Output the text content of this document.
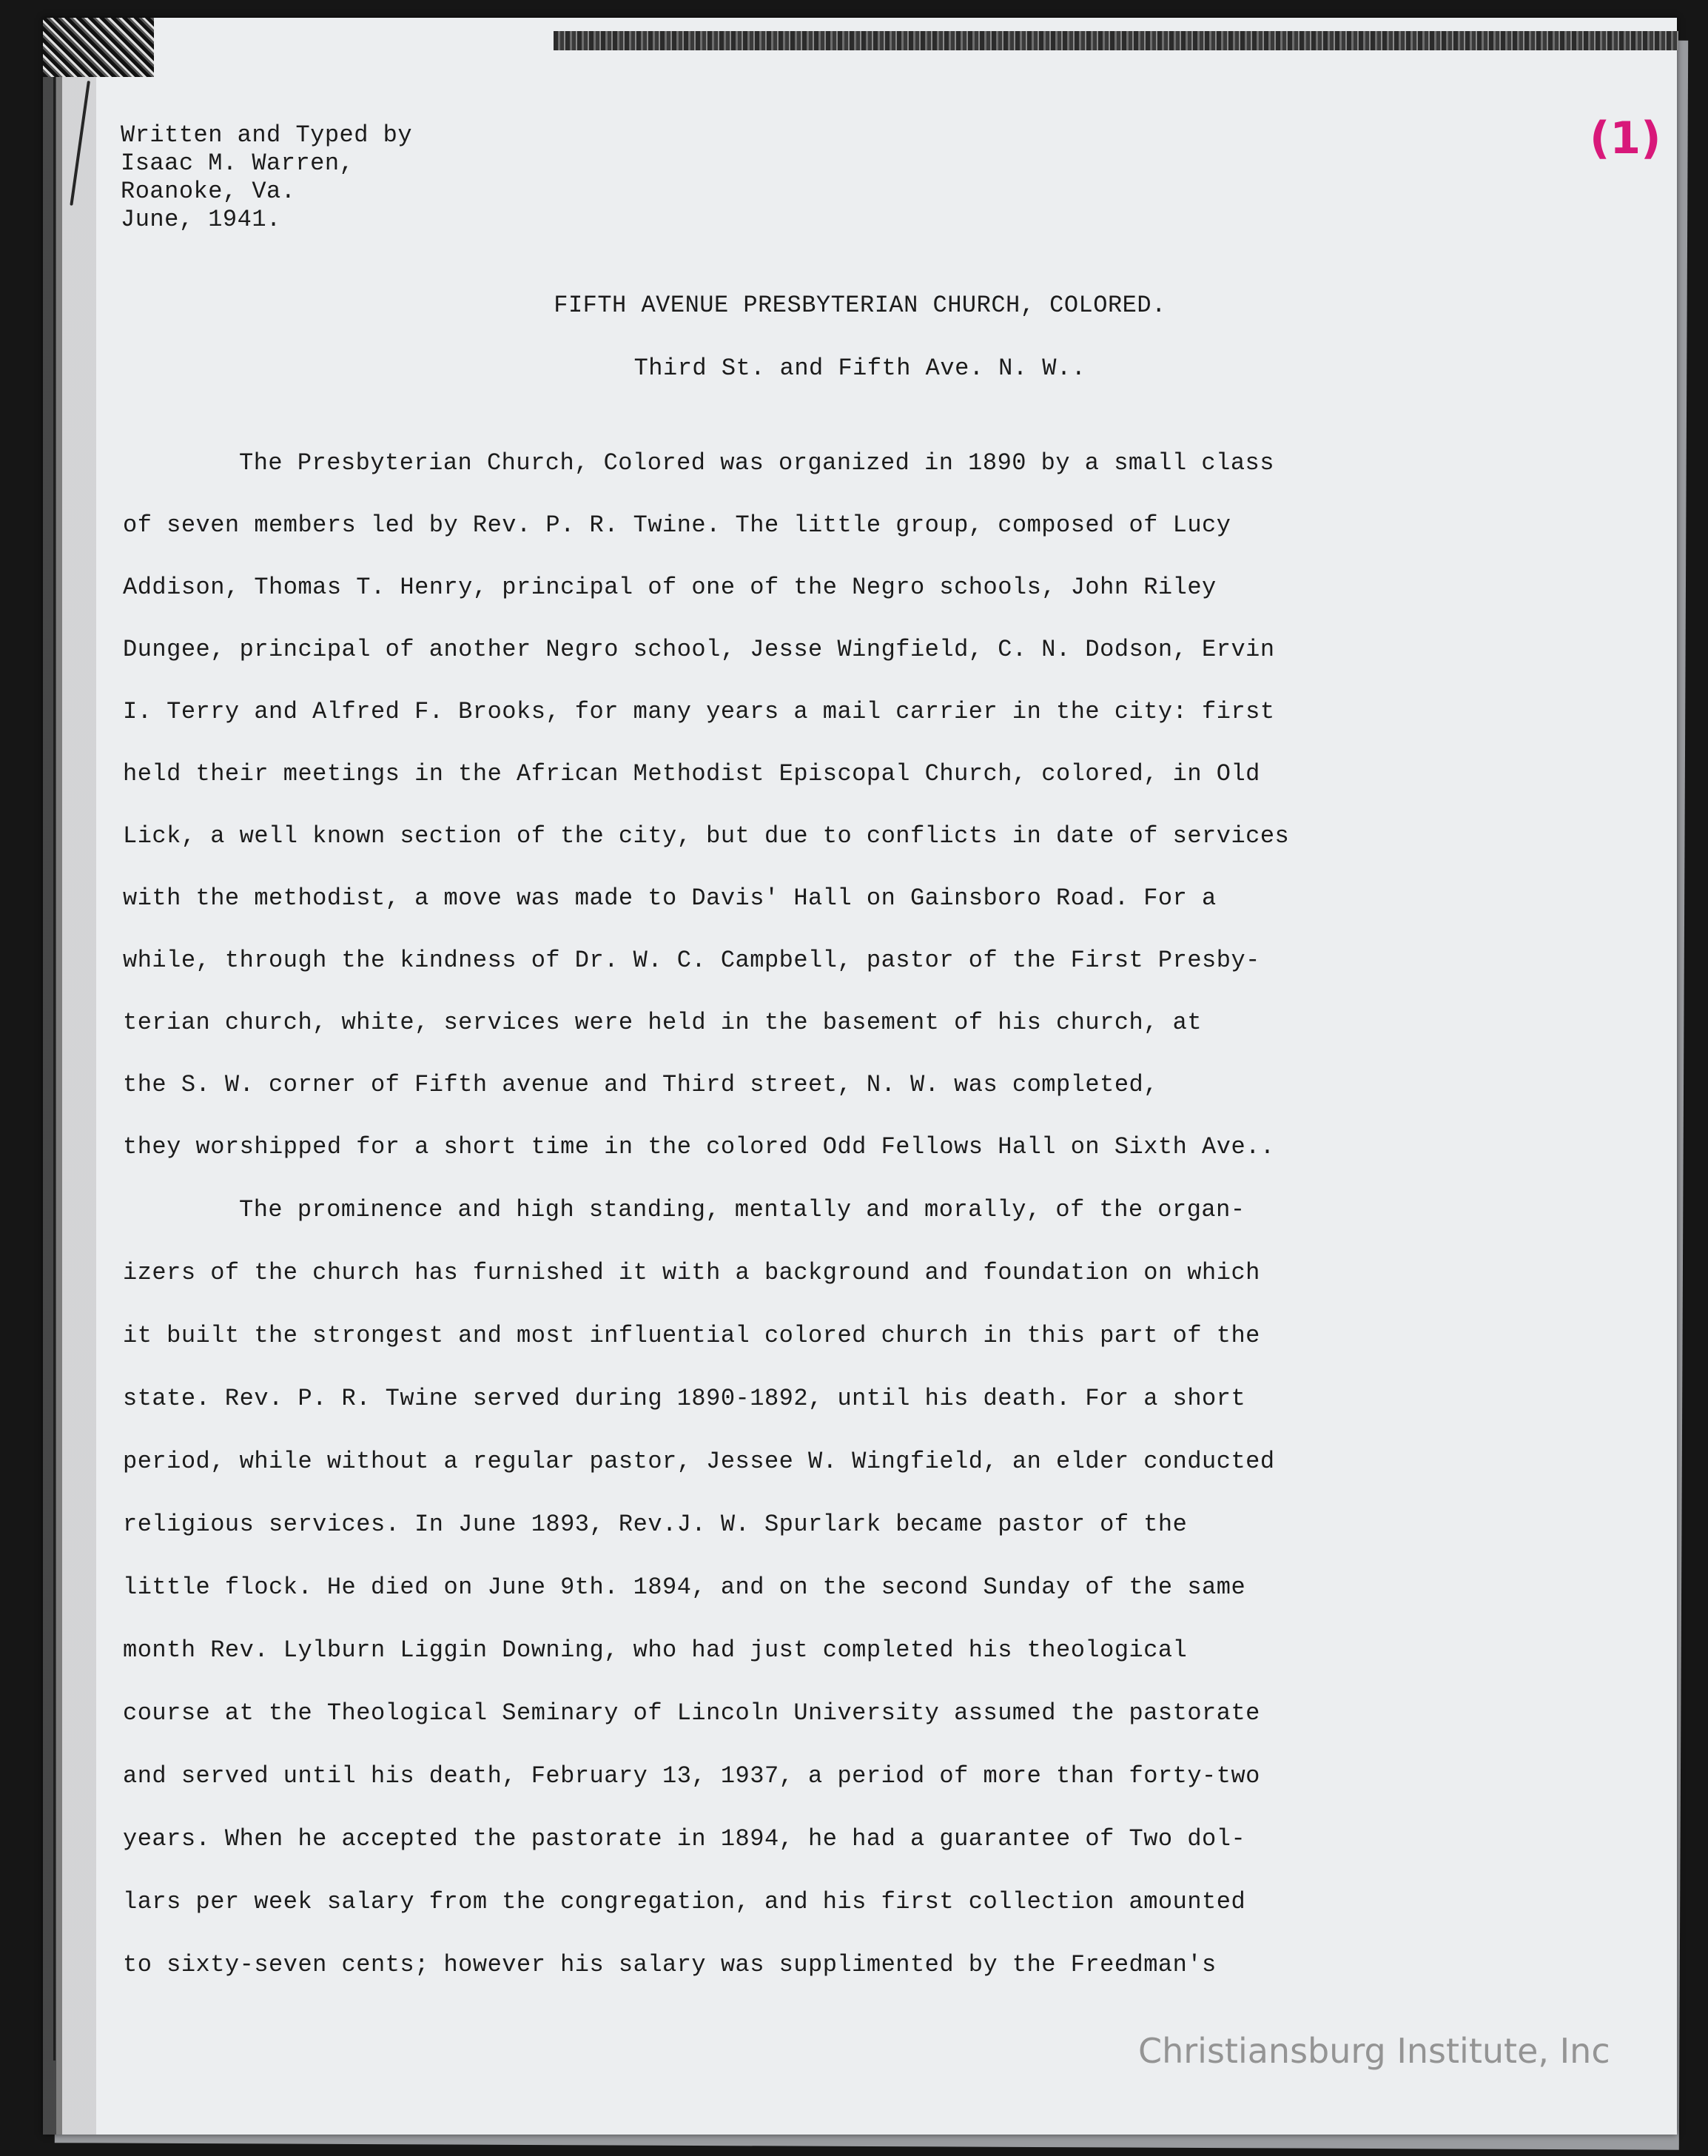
Written and Typed by
Isaac M. Warren,
Roanoke, Va.
June, 1941.
(1)
FIFTH AVENUE PRESBYTERIAN CHURCH, COLORED.
Third St. and Fifth Ave. N. W..
The Presbyterian Church, Colored was organized in 1890 by a small class
of seven members led by Rev. P. R. Twine. The little group, composed of Lucy
Addison, Thomas T. Henry, principal of one of the Negro schools, John Riley
Dungee, principal of another Negro school, Jesse Wingfield, C. N. Dodson, Ervin
I. Terry and Alfred F. Brooks, for many years a mail carrier in the city: first
held their meetings in the African Methodist Episcopal Church, colored, in Old
Lick, a well known section of the city, but due to conflicts in date of services
with the methodist, a move was made to Davis' Hall on Gainsboro Road. For a
while, through the kindness of Dr. W. C. Campbell, pastor of the First Presby-
terian church, white, services were held in the basement of his church, at
the S. W. corner of Fifth avenue and Third street, N. W. was completed,
they worshipped for a short time in the colored Odd Fellows Hall on Sixth Ave..
The prominence and high standing, mentally and morally, of the organ-
izers of the church has furnished it with a background and foundation on which
it built the strongest and most influential colored church in this part of the
state. Rev. P. R. Twine served during 1890-1892, until his death. For a short
period, while without a regular pastor, Jessee W. Wingfield, an elder conducted
religious services. In June 1893, Rev.J. W. Spurlark became pastor of the
little flock. He died on June 9th. 1894, and on the second Sunday of the same
month Rev. Lylburn Liggin Downing, who had just completed his theological
course at the Theological Seminary of Lincoln University assumed the pastorate
and served until his death, February 13, 1937, a period of more than forty-two
years. When he accepted the pastorate in 1894, he had a guarantee of Two dol-
lars per week salary from the congregation, and his first collection amounted
to sixty-seven cents; however his salary was supplimented by the Freedman's
Christiansburg Institute, Inc
